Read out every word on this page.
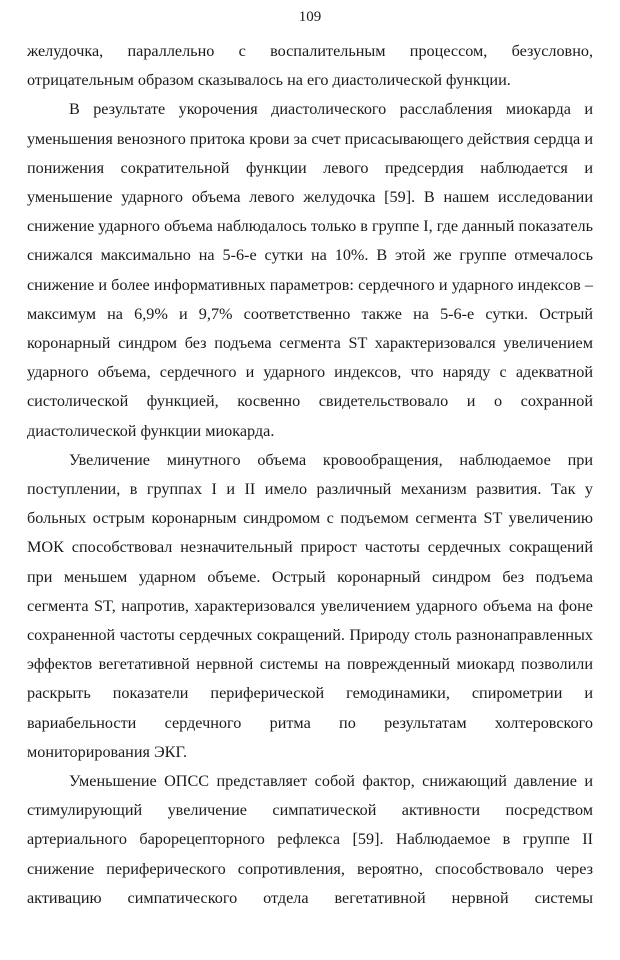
109

желудочка, параллельно с воспалительным процессом, безусловно, отрицательным образом сказывалось на его диастолической функции.

В результате укорочения диастолического расслабления миокарда и уменьшения венозного притока крови за счет присасывающего действия сердца и понижения сократительной функции левого предсердия наблюдается и уменьшение ударного объема левого желудочка [59]. В нашем исследовании снижение ударного объема наблюдалось только в группе I, где данный показатель снижался максимально на 5-6-е сутки на 10%. В этой же группе отмечалось снижение и более информативных параметров: сердечного и ударного индексов – максимум на 6,9% и 9,7% соответственно также на 5-6-е сутки. Острый коронарный синдром без подъема сегмента ST характеризовался увеличением ударного объема, сердечного и ударного индексов, что наряду с адекватной систолической функцией, косвенно свидетельствовало и о сохранной диастолической функции миокарда.

Увеличение минутного объема кровообращения, наблюдаемое при поступлении, в группах I и II имело различный механизм развития. Так у больных острым коронарным синдромом с подъемом сегмента ST увеличению МОК способствовал незначительный прирост частоты сердечных сокращений при меньшем ударном объеме. Острый коронарный синдром без подъема сегмента ST, напротив, характеризовался увеличением ударного объема на фоне сохраненной частоты сердечных сокращений. Природу столь разнонаправленных эффектов вегетативной нервной системы на поврежденный миокард позволили раскрыть показатели периферической гемодинамики, спирометрии и вариабельности сердечного ритма по результатам холтеровского мониторирования ЭКГ.

Уменьшение ОПСС представляет собой фактор, снижающий давление и стимулирующий увеличение симпатической активности посредством артериального барорецепторного рефлекса [59]. Наблюдаемое в группе II снижение периферического сопротивления, вероятно, способствовало через активацию симпатического отдела вегетативной нервной системы
